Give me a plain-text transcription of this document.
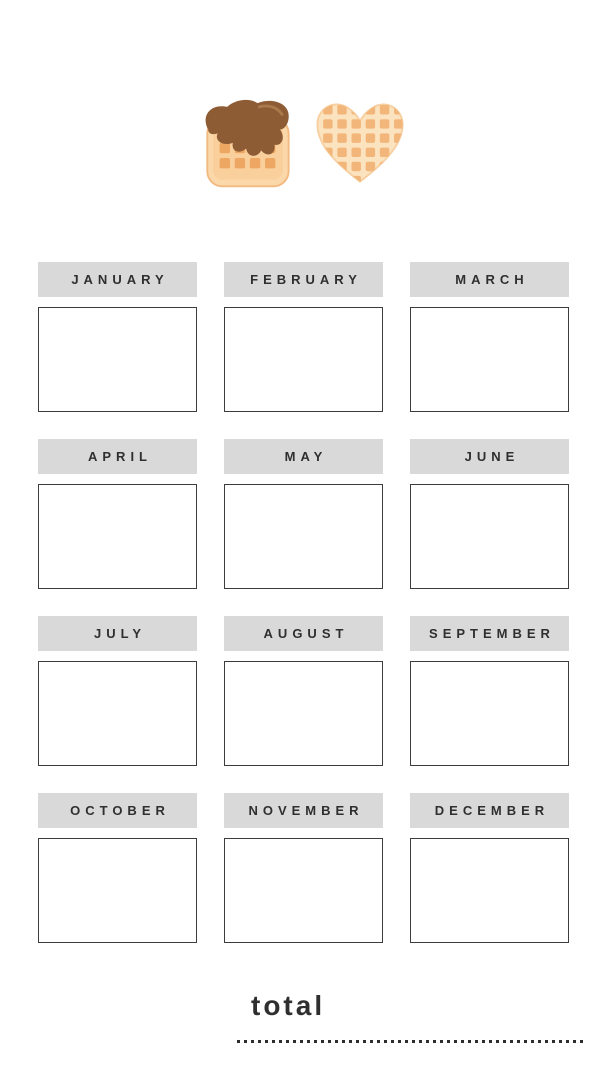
JANUARY	FEBRUARY	MARCH
APRIL	MAY	JUNE
JULY	AUGUST	SEPTEMBER
OCTOBER	NOVEMBER	DECEMBER
total
